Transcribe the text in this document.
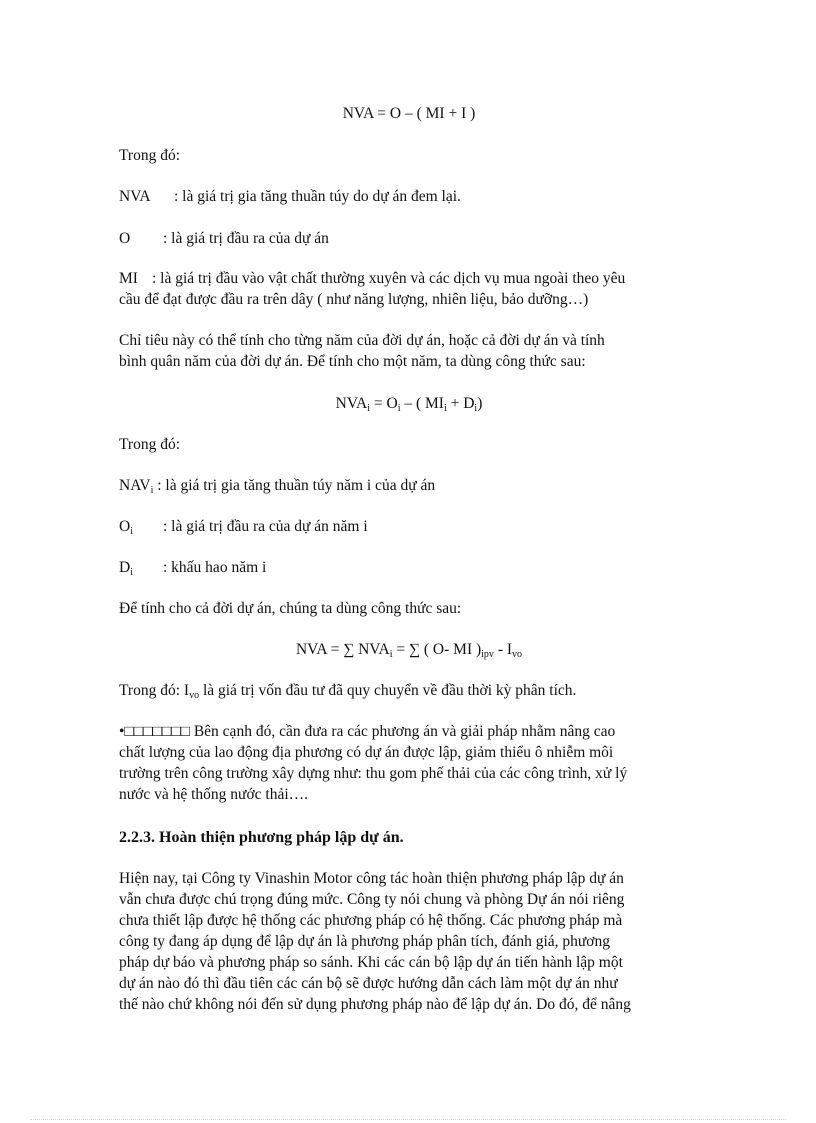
NVA = O – ( MI + I )
Trong đó:
NVA : là giá trị gia tăng thuần túy do dự án đem lại.
O : là giá trị đầu ra của dự án
MI : là giá trị đầu vào vật chất thường xuyên và các dịch vụ mua ngoài theo yêu
cầu để đạt được đầu ra trên dây ( như năng lượng, nhiên liệu, bảo dưỡng…)
Chỉ tiêu này có thể tính cho từng năm của đời dự án, hoặc cả đời dự án và tính
bình quân năm của đời dự án. Để tính cho một năm, ta dùng công thức sau:
$NVA_i = O_i$ – ( $MI_i + D_i$)
Trong đó:
$NAV_i$ : là giá trị gia tăng thuần túy năm i của dự án
$O_i$ : là giá trị đầu ra của dự án năm i
$D_i$ : khấu hao năm i
Để tính cho cả đời dự án, chúng ta dùng công thức sau:
NVA = ∑ $NVA_i$ = ∑ ( O- MI )$_{ipv} - I_{vo}$
Trong đó: $I_{vo}$ là giá trị vốn đầu tư đã quy chuyển về đầu thời kỳ phân tích.
•□□□□□□□ Bên cạnh đó, cần đưa ra các phương án và giải pháp nhằm nâng cao
chất lượng của lao động địa phương có dự án được lập, giảm thiểu ô nhiễm môi
trường trên công trường xây dựng như: thu gom phế thải của các công trình, xử lý
nước và hệ thống nước thải….
2.2.3. Hoàn thiện phương pháp lập dự án.
Hiện nay, tại Công ty Vinashin Motor công tác hoàn thiện phương pháp lập dự án
vẫn chưa được chú trọng đúng mức. Công ty nói chung và phòng Dự án nói riêng
chưa thiết lập được hệ thống các phương pháp có hệ thống. Các phương pháp mà
công ty đang áp dụng để lập dự án là phương pháp phân tích, đánh giá, phương
pháp dự báo và phương pháp so sánh. Khi các cán bộ lập dự án tiến hành lập một
dự án nào đó thì đầu tiên các cán bộ sẽ được hướng dẫn cách làm một dự án như
thế nào chứ không nói đến sử dụng phương pháp nào để lập dự án. Do đó, để nâng
